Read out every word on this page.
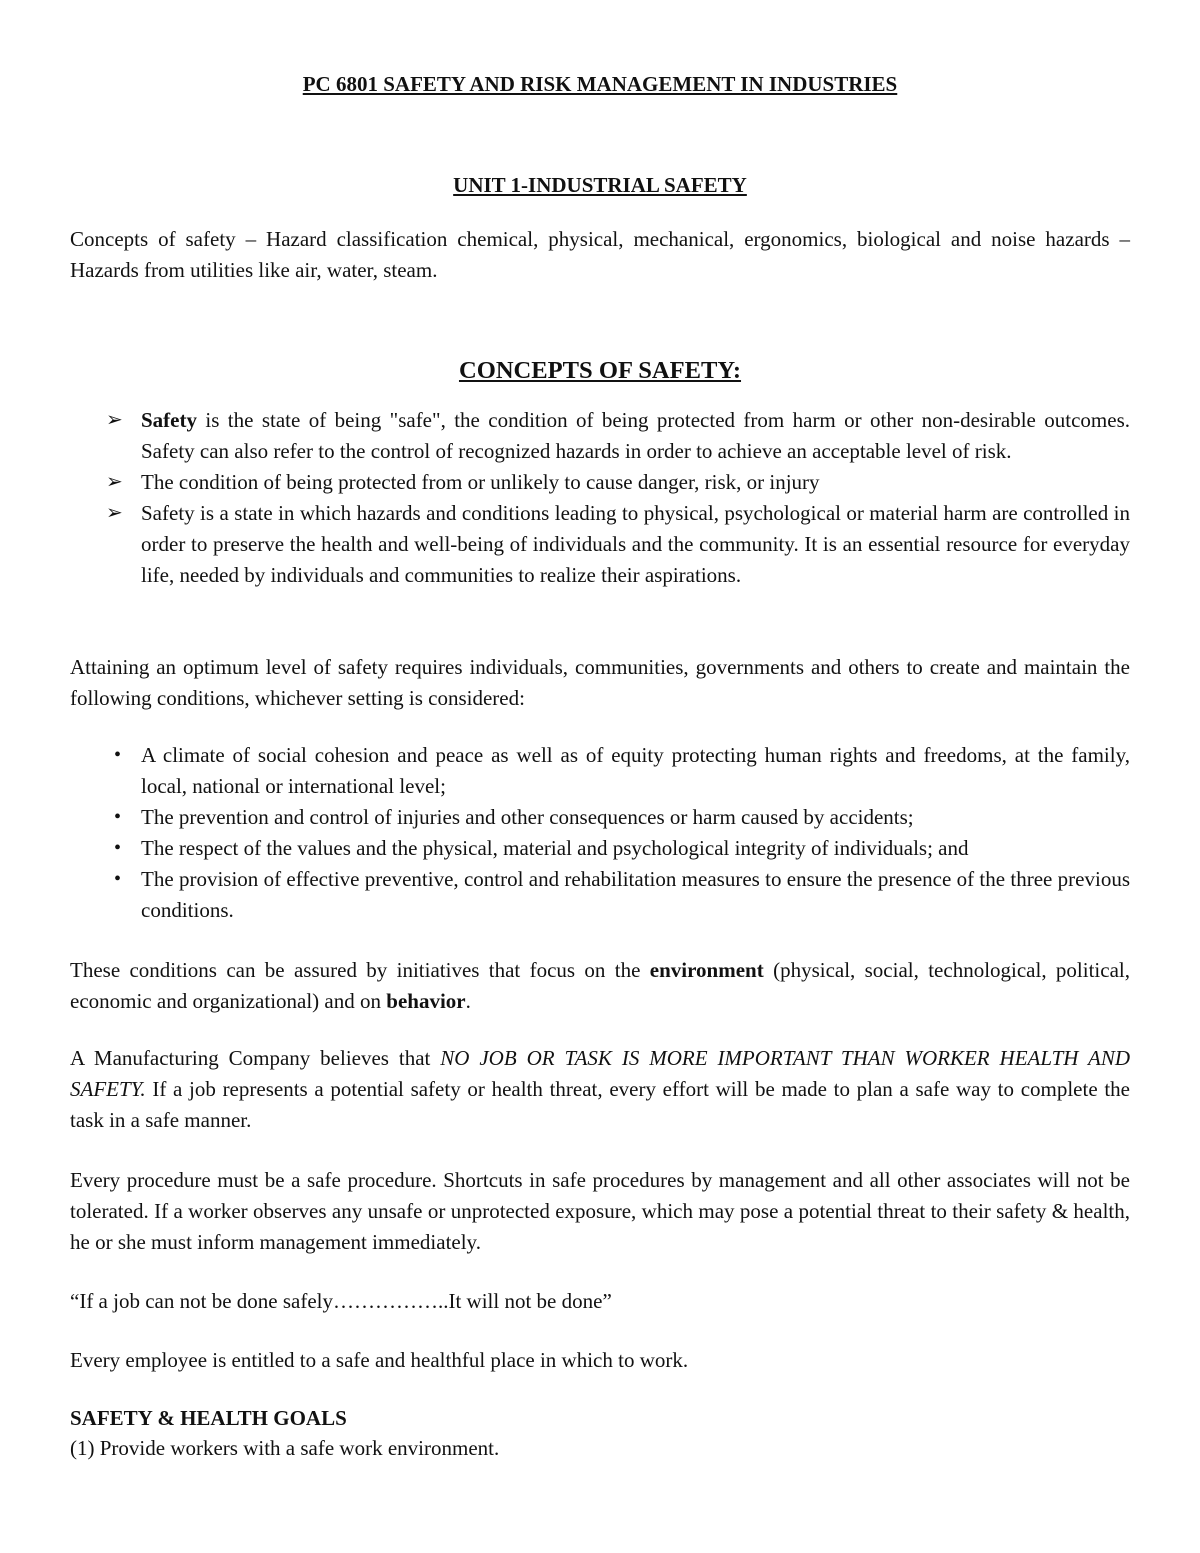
PC 6801 SAFETY AND RISK MANAGEMENT IN INDUSTRIES
UNIT 1-INDUSTRIAL SAFETY

Concepts of safety – Hazard classification chemical, physical, mechanical, ergonomics, biological and noise hazards – Hazards from utilities like air, water, steam.

CONCEPTS OF SAFETY:
➢ Safety is the state of being "safe", the condition of being protected from harm or other non-desirable outcomes. Safety can also refer to the control of recognized hazards in order to achieve an acceptable level of risk.
➢ The condition of being protected from or unlikely to cause danger, risk, or injury
➢ Safety is a state in which hazards and conditions leading to physical, psychological or material harm are controlled in order to preserve the health and well-being of individuals and the community. It is an essential resource for everyday life, needed by individuals and communities to realize their aspirations.

Attaining an optimum level of safety requires individuals, communities, governments and others to create and maintain the following conditions, whichever setting is considered:

• A climate of social cohesion and peace as well as of equity protecting human rights and freedoms, at the family, local, national or international level;
• The prevention and control of injuries and other consequences or harm caused by accidents;
• The respect of the values and the physical, material and psychological integrity of individuals; and
• The provision of effective preventive, control and rehabilitation measures to ensure the presence of the three previous conditions.

These conditions can be assured by initiatives that focus on the environment (physical, social, technological, political, economic and organizational) and on behavior.

A Manufacturing Company believes that NO JOB OR TASK IS MORE IMPORTANT THAN WORKER HEALTH AND SAFETY. If a job represents a potential safety or health threat, every effort will be made to plan a safe way to complete the task in a safe manner.

Every procedure must be a safe procedure. Shortcuts in safe procedures by management and all other associates will not be tolerated. If a worker observes any unsafe or unprotected exposure, which may pose a potential threat to their safety & health, he or she must inform management immediately.

“If a job can not be done safely……………..It will not be done”

Every employee is entitled to a safe and healthful place in which to work.

SAFETY & HEALTH GOALS

(1) Provide workers with a safe work environment.
